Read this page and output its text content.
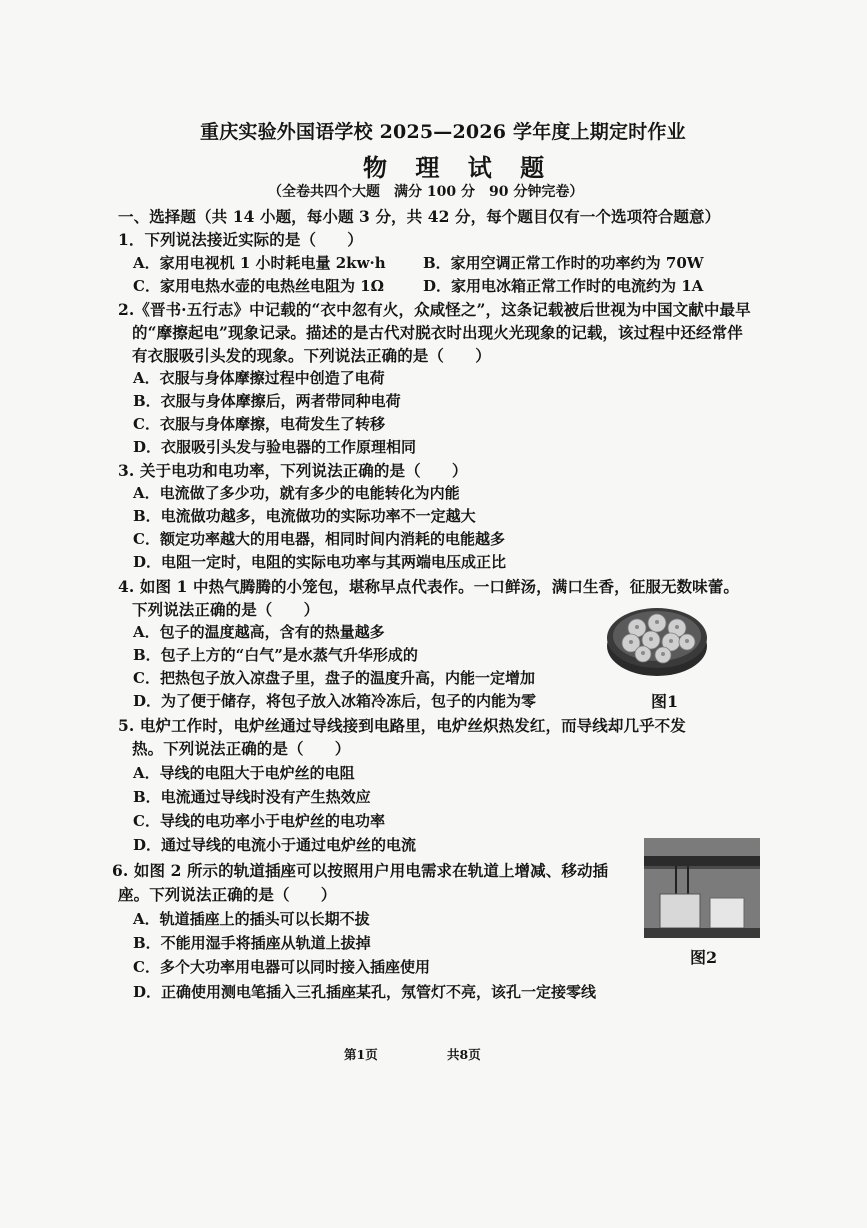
重庆实验外国语学校 2025—2026 学年度上期定时作业
物 理 试 题
（全卷共四个大题　满分 100 分　90 分钟完卷）
一、选择题（共 14 小题，每小题 3 分，共 42 分，每个题目仅有一个选项符合题意）
1．下列说法接近实际的是（　　）
A．家用电视机 1 小时耗电量 2kw·h B．家用空调正常工作时的功率约为 70W
C．家用电热水壶的电热丝电阻为 1Ω	D．家用电冰箱正常工作时的电流约为 1A
2.《晋书·五行志》中记载的“衣中忽有火，众咸怪之”，这条记载被后世视为中国文献中最早
的“摩擦起电”现象记录。描述的是古代对脱衣时出现火光现象的记载，该过程中还经常伴
有衣服吸引头发的现象。下列说法正确的是（　　）
A．衣服与身体摩擦过程中创造了电荷
B．衣服与身体摩擦后，两者带同种电荷
C．衣服与身体摩擦，电荷发生了转移
D．衣服吸引头发与验电器的工作原理相同
3. 关于电功和电功率，下列说法正确的是（　　）
A．电流做了多少功，就有多少的电能转化为内能
B．电流做功越多，电流做功的实际功率不一定越大
C．额定功率越大的用电器，相同时间内消耗的电能越多
D．电阻一定时，电阻的实际电功率与其两端电压成正比
4. 如图 1 中热气腾腾的小笼包，堪称早点代表作。一口鲜汤，满口生香，征服无数味蕾。
下列说法正确的是（　　）
A．包子的温度越高，含有的热量越多
B．包子上方的“白气”是水蒸气升华形成的
C．把热包子放入凉盘子里，盘子的温度升高，内能一定增加
D．为了便于储存，将包子放入冰箱冷冻后，包子的内能为零	图1
5. 电炉工作时，电炉丝通过导线接到电路里，电炉丝炽热发红，而导线却几乎不发
热。下列说法正确的是（　　）
A．导线的电阻大于电炉丝的电阻
B．电流通过导线时没有产生热效应
C．导线的电功率小于电炉丝的电功率
D．通过导线的电流小于通过电炉丝的电流
图2
6. 如图 2 所示的轨道插座可以按照用户用电需求在轨道上增减、移动插
座。下列说法正确的是（　　）
A．轨道插座上的插头可以长期不拔
B．不能用湿手将插座从轨道上拔掉
C．多个大功率用电器可以同时接入插座使用
D．正确使用测电笔插入三孔插座某孔，氖管灯不亮，该孔一定接零线
第1页	共8页
